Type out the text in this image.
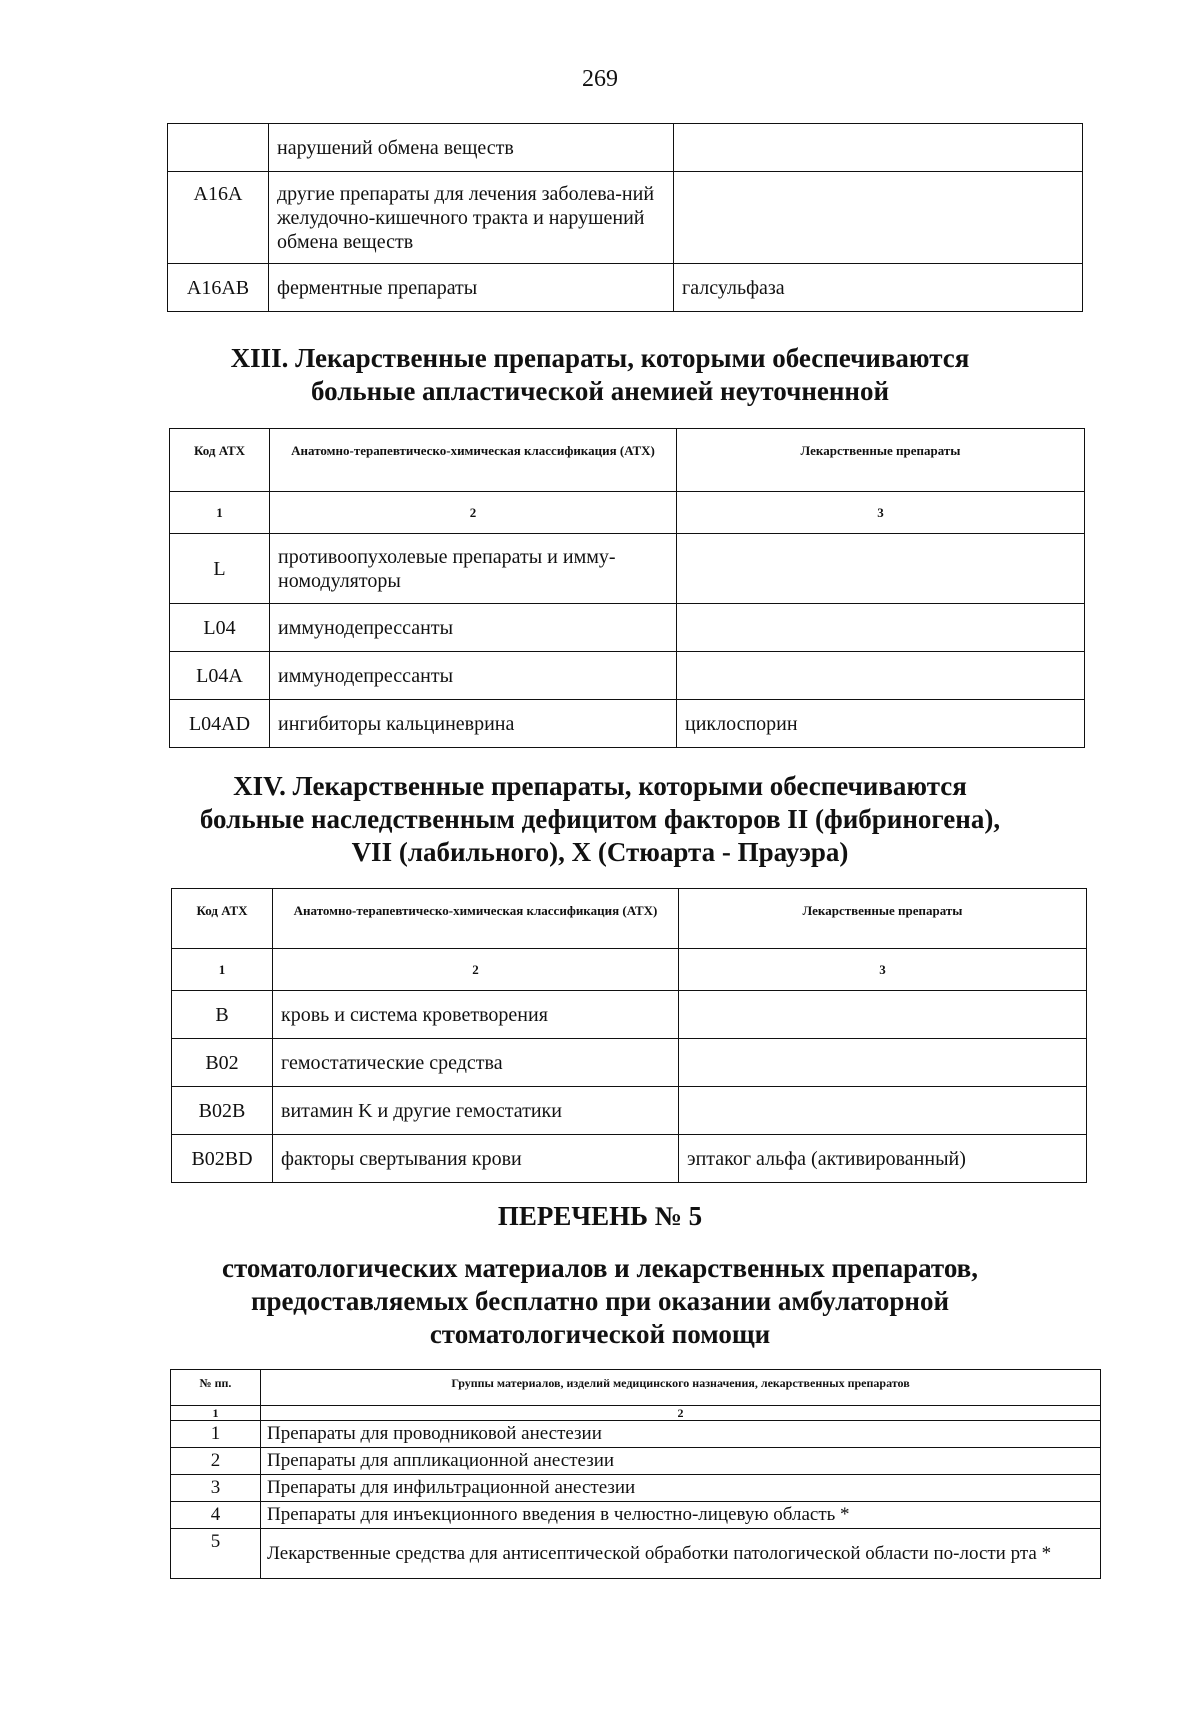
269
	нарушений обмена веществ	
A16A	другие препараты для лечения заболева-ний желудочно-кишечного тракта и нарушений обмена веществ	
A16AB	ферментные препараты	галсульфаза
XIII. Лекарственные препараты, которыми обеспечиваются
больные апластической анемией неуточненной
Код АТХ	Анатомно-терапевтическо-химическая классификация (АТХ)	Лекарственные препараты
1	2	3
L	противоопухолевые препараты и имму-номодуляторы	
L04	иммунодепрессанты	
L04A	иммунодепрессанты	
L04AD	ингибиторы кальциневрина	циклоспорин
XIV. Лекарственные препараты, которыми обеспечиваются
больные наследственным дефицитом факторов II (фибриногена),
VII (лабильного), X (Стюарта - Прауэра)
Код АТХ	Анатомно-терапевтическо-химическая классификация (АТХ)	Лекарственные препараты
1	2	3
B	кровь и система кроветворения	
B02	гемостатические средства	
B02B	витамин K и другие гемостатики	
B02BD	факторы свертывания крови	эптаког альфа (активированный)
ПЕРЕЧЕНЬ № 5
стоматологических материалов и лекарственных препаратов,
предоставляемых бесплатно при оказании амбулаторной
стоматологической помощи
№ пп.	Группы материалов, изделий медицинского назначения, лекарственных препаратов
1	2
1	Препараты для проводниковой анестезии
2	Препараты для аппликационной анестезии
3	Препараты для инфильтрационной анестезии
4	Препараты для инъекционного введения в челюстно-лицевую область *
5	Лекарственные средства для антисептической обработки патологической области по-лости рта *
